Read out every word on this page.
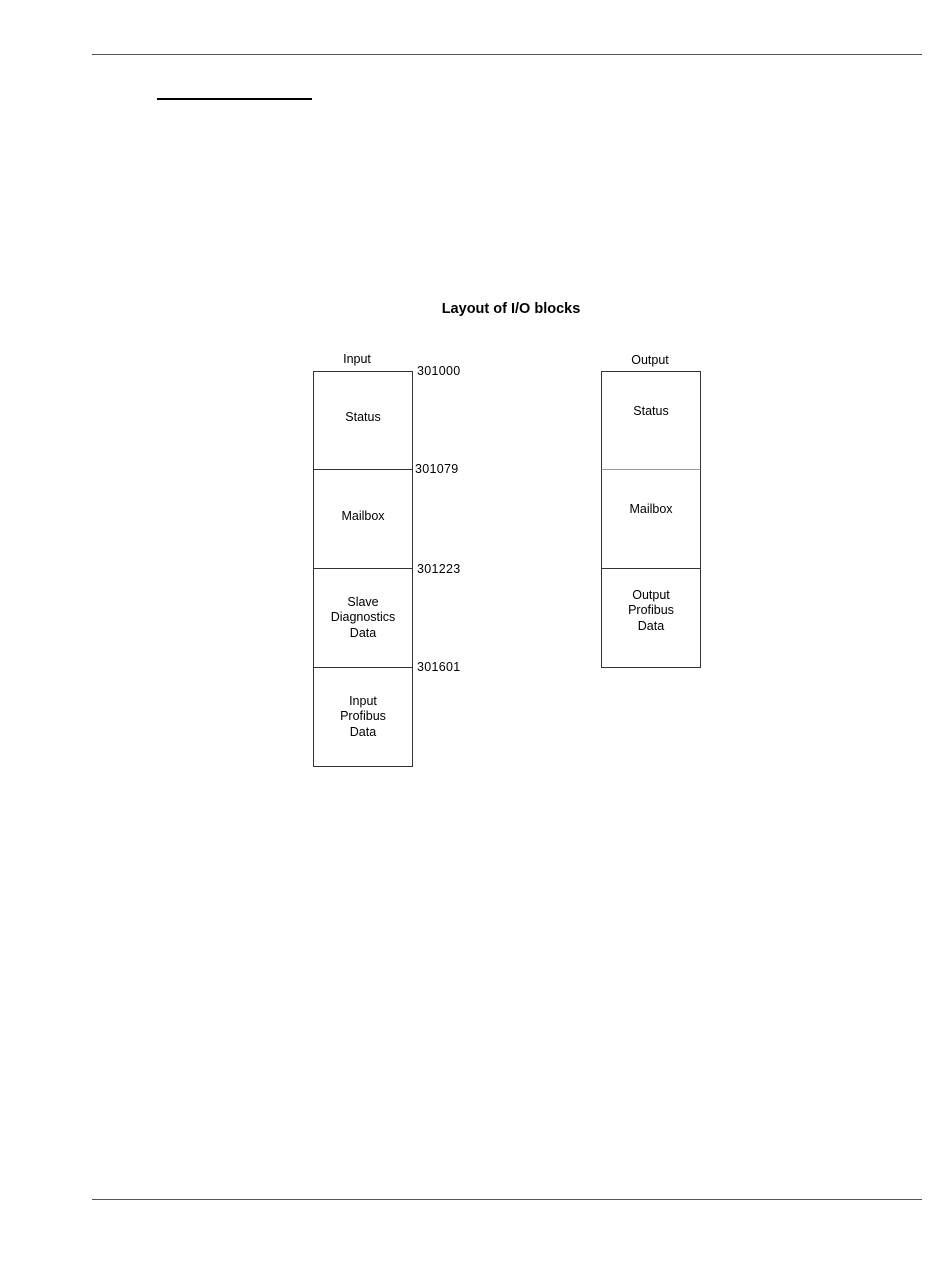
Layout of I/O blocks
Input
Status
Mailbox
Slave
Diagnostics
Data
Input
Profibus
Data
301000
301079
301223
301601
Output
Status
Mailbox
Output
Profibus
Data
